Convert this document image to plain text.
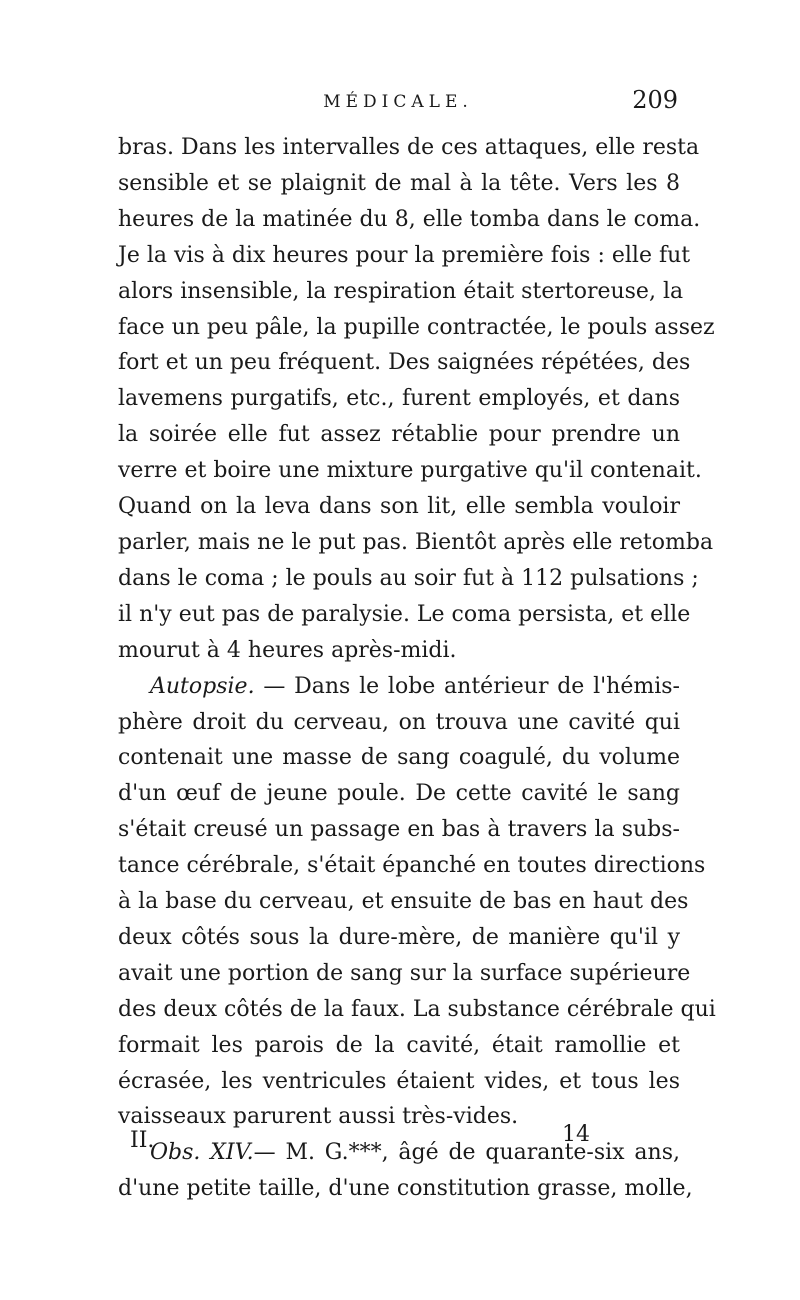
MÉDICALE.	209
bras. Dans les intervalles de ces attaques, elle resta
sensible et se plaignit de mal à la tête. Vers les 8
heures de la matinée du 8, elle tomba dans le coma.
Je la vis à dix heures pour la première fois : elle fut
alors insensible, la respiration était stertoreuse, la
face un peu pâle, la pupille contractée, le pouls assez
fort et un peu fréquent. Des saignées répétées, des
lavemens purgatifs, etc., furent employés, et dans
la soirée elle fut assez rétablie pour prendre un
verre et boire une mixture purgative qu'il contenait.
Quand on la leva dans son lit, elle sembla vouloir
parler, mais ne le put pas. Bientôt après elle retomba
dans le coma ; le pouls au soir fut à 112 pulsations ;
il n'y eut pas de paralysie. Le coma persista, et elle
mourut à 4 heures après-midi.
Autopsie. — Dans le lobe antérieur de l'hémis-
phère droit du cerveau, on trouva une cavité qui
contenait une masse de sang coagulé, du volume
d'un œuf de jeune poule. De cette cavité le sang
s'était creusé un passage en bas à travers la subs-
tance cérébrale, s'était épanché en toutes directions
à la base du cerveau, et ensuite de bas en haut des
deux côtés sous la dure-mère, de manière qu'il y
avait une portion de sang sur la surface supérieure
des deux côtés de la faux. La substance cérébrale qui
formait les parois de la cavité, était ramollie et
écrasée, les ventricules étaient vides, et tous les
vaisseaux parurent aussi très-vides.
Obs. XIV.— M. G.***, âgé de quarante-six ans,
d'une petite taille, d'une constitution grasse, molle,
II.	14
